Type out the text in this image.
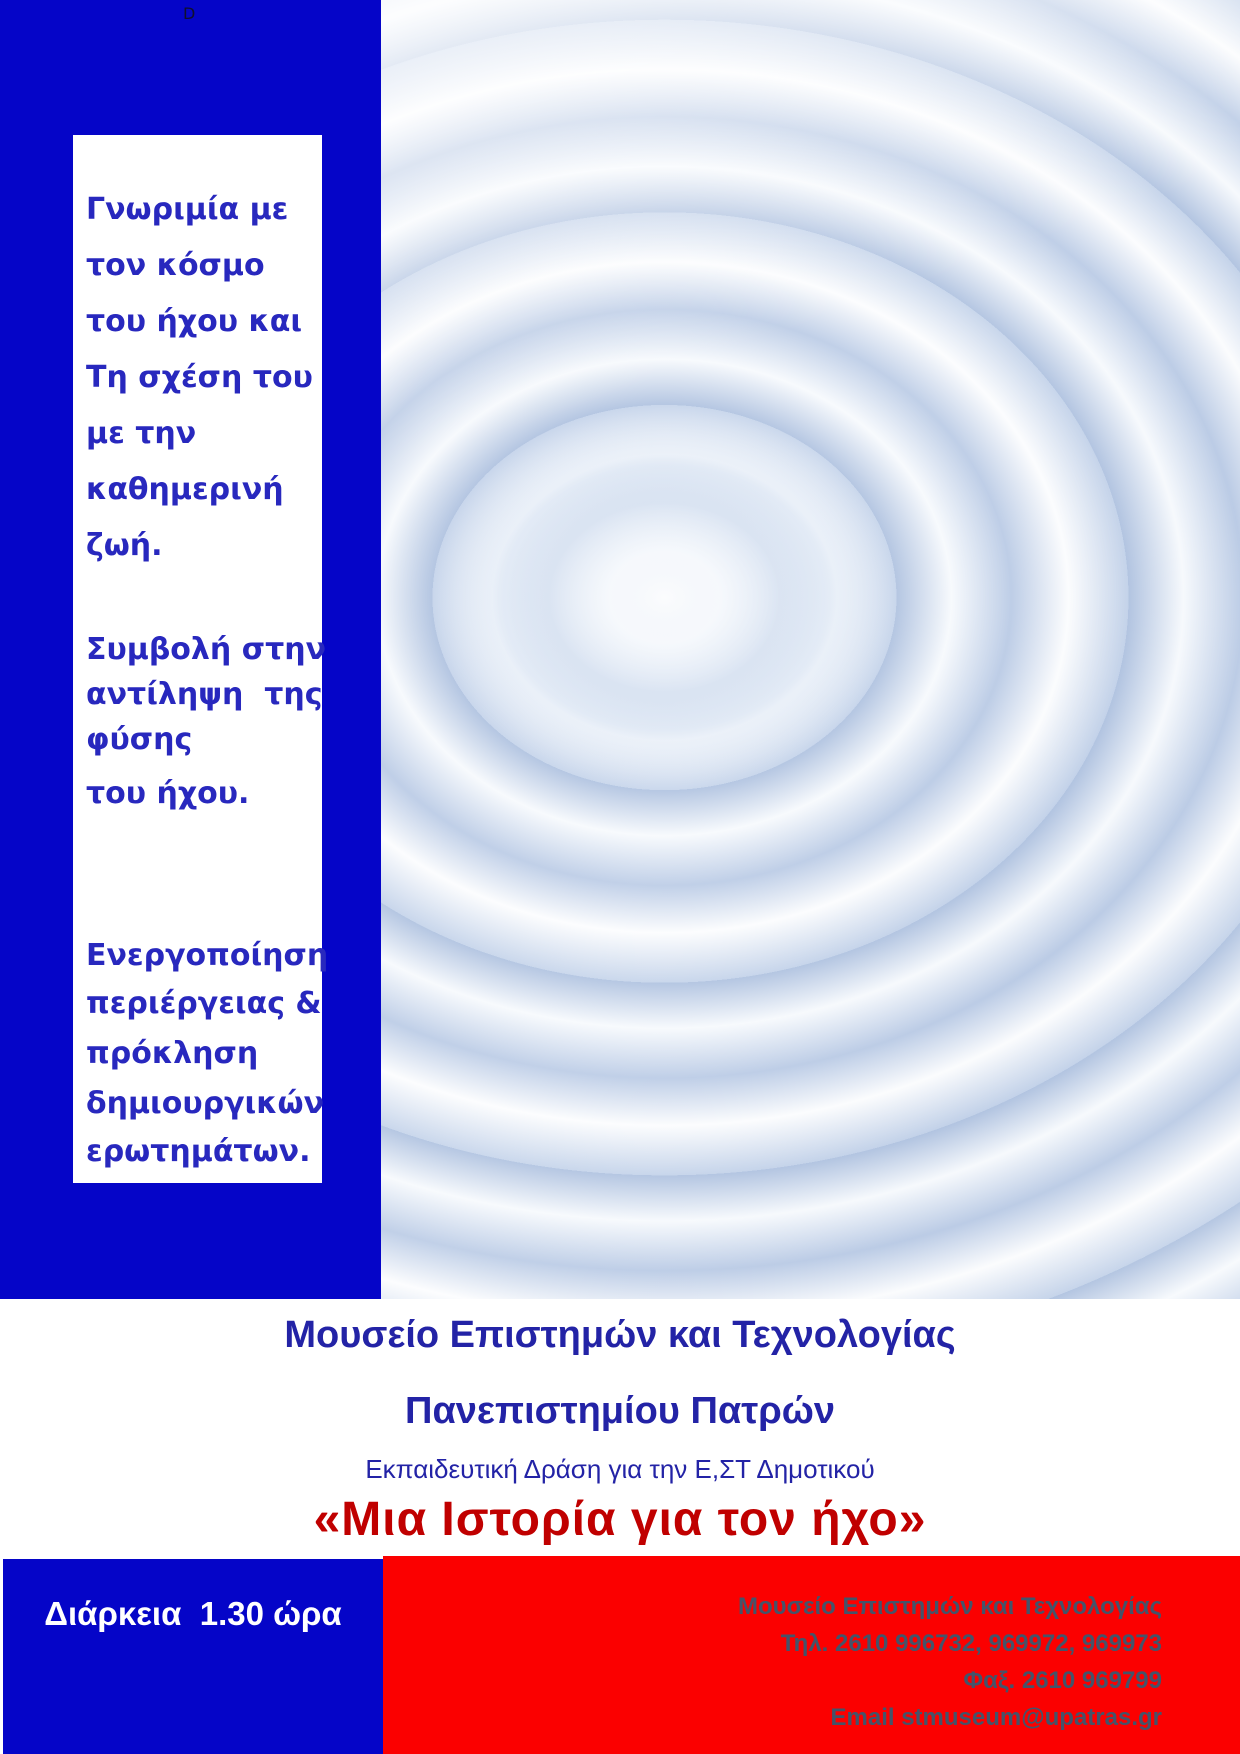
D
Γνωριμία με
τον κόσμο
του ήχου και
Τη σχέση του
με την
καθημερινή
ζωή.
Συμβολή στην
αντίληψη  της
φύσης
του ήχου.
Ενεργοποίηση
περιέργειας &
πρόκληση
δημιουργικών
ερωτημάτων.
Μουσείο Επιστημών και Τεχνολογίας
Πανεπιστημίου Πατρών
Εκπαιδευτική Δράση για την Ε,ΣΤ Δημοτικού
«Μια Ιστορία για τον ήχο»
Μουσείο Επιστημών και Τεχνολογίας
Τηλ. 2610 996732, 969972, 969973
Φαξ. 2610 969799
Email stmuseum@upatras.gr
Διάρκεια  1.30 ώρα
